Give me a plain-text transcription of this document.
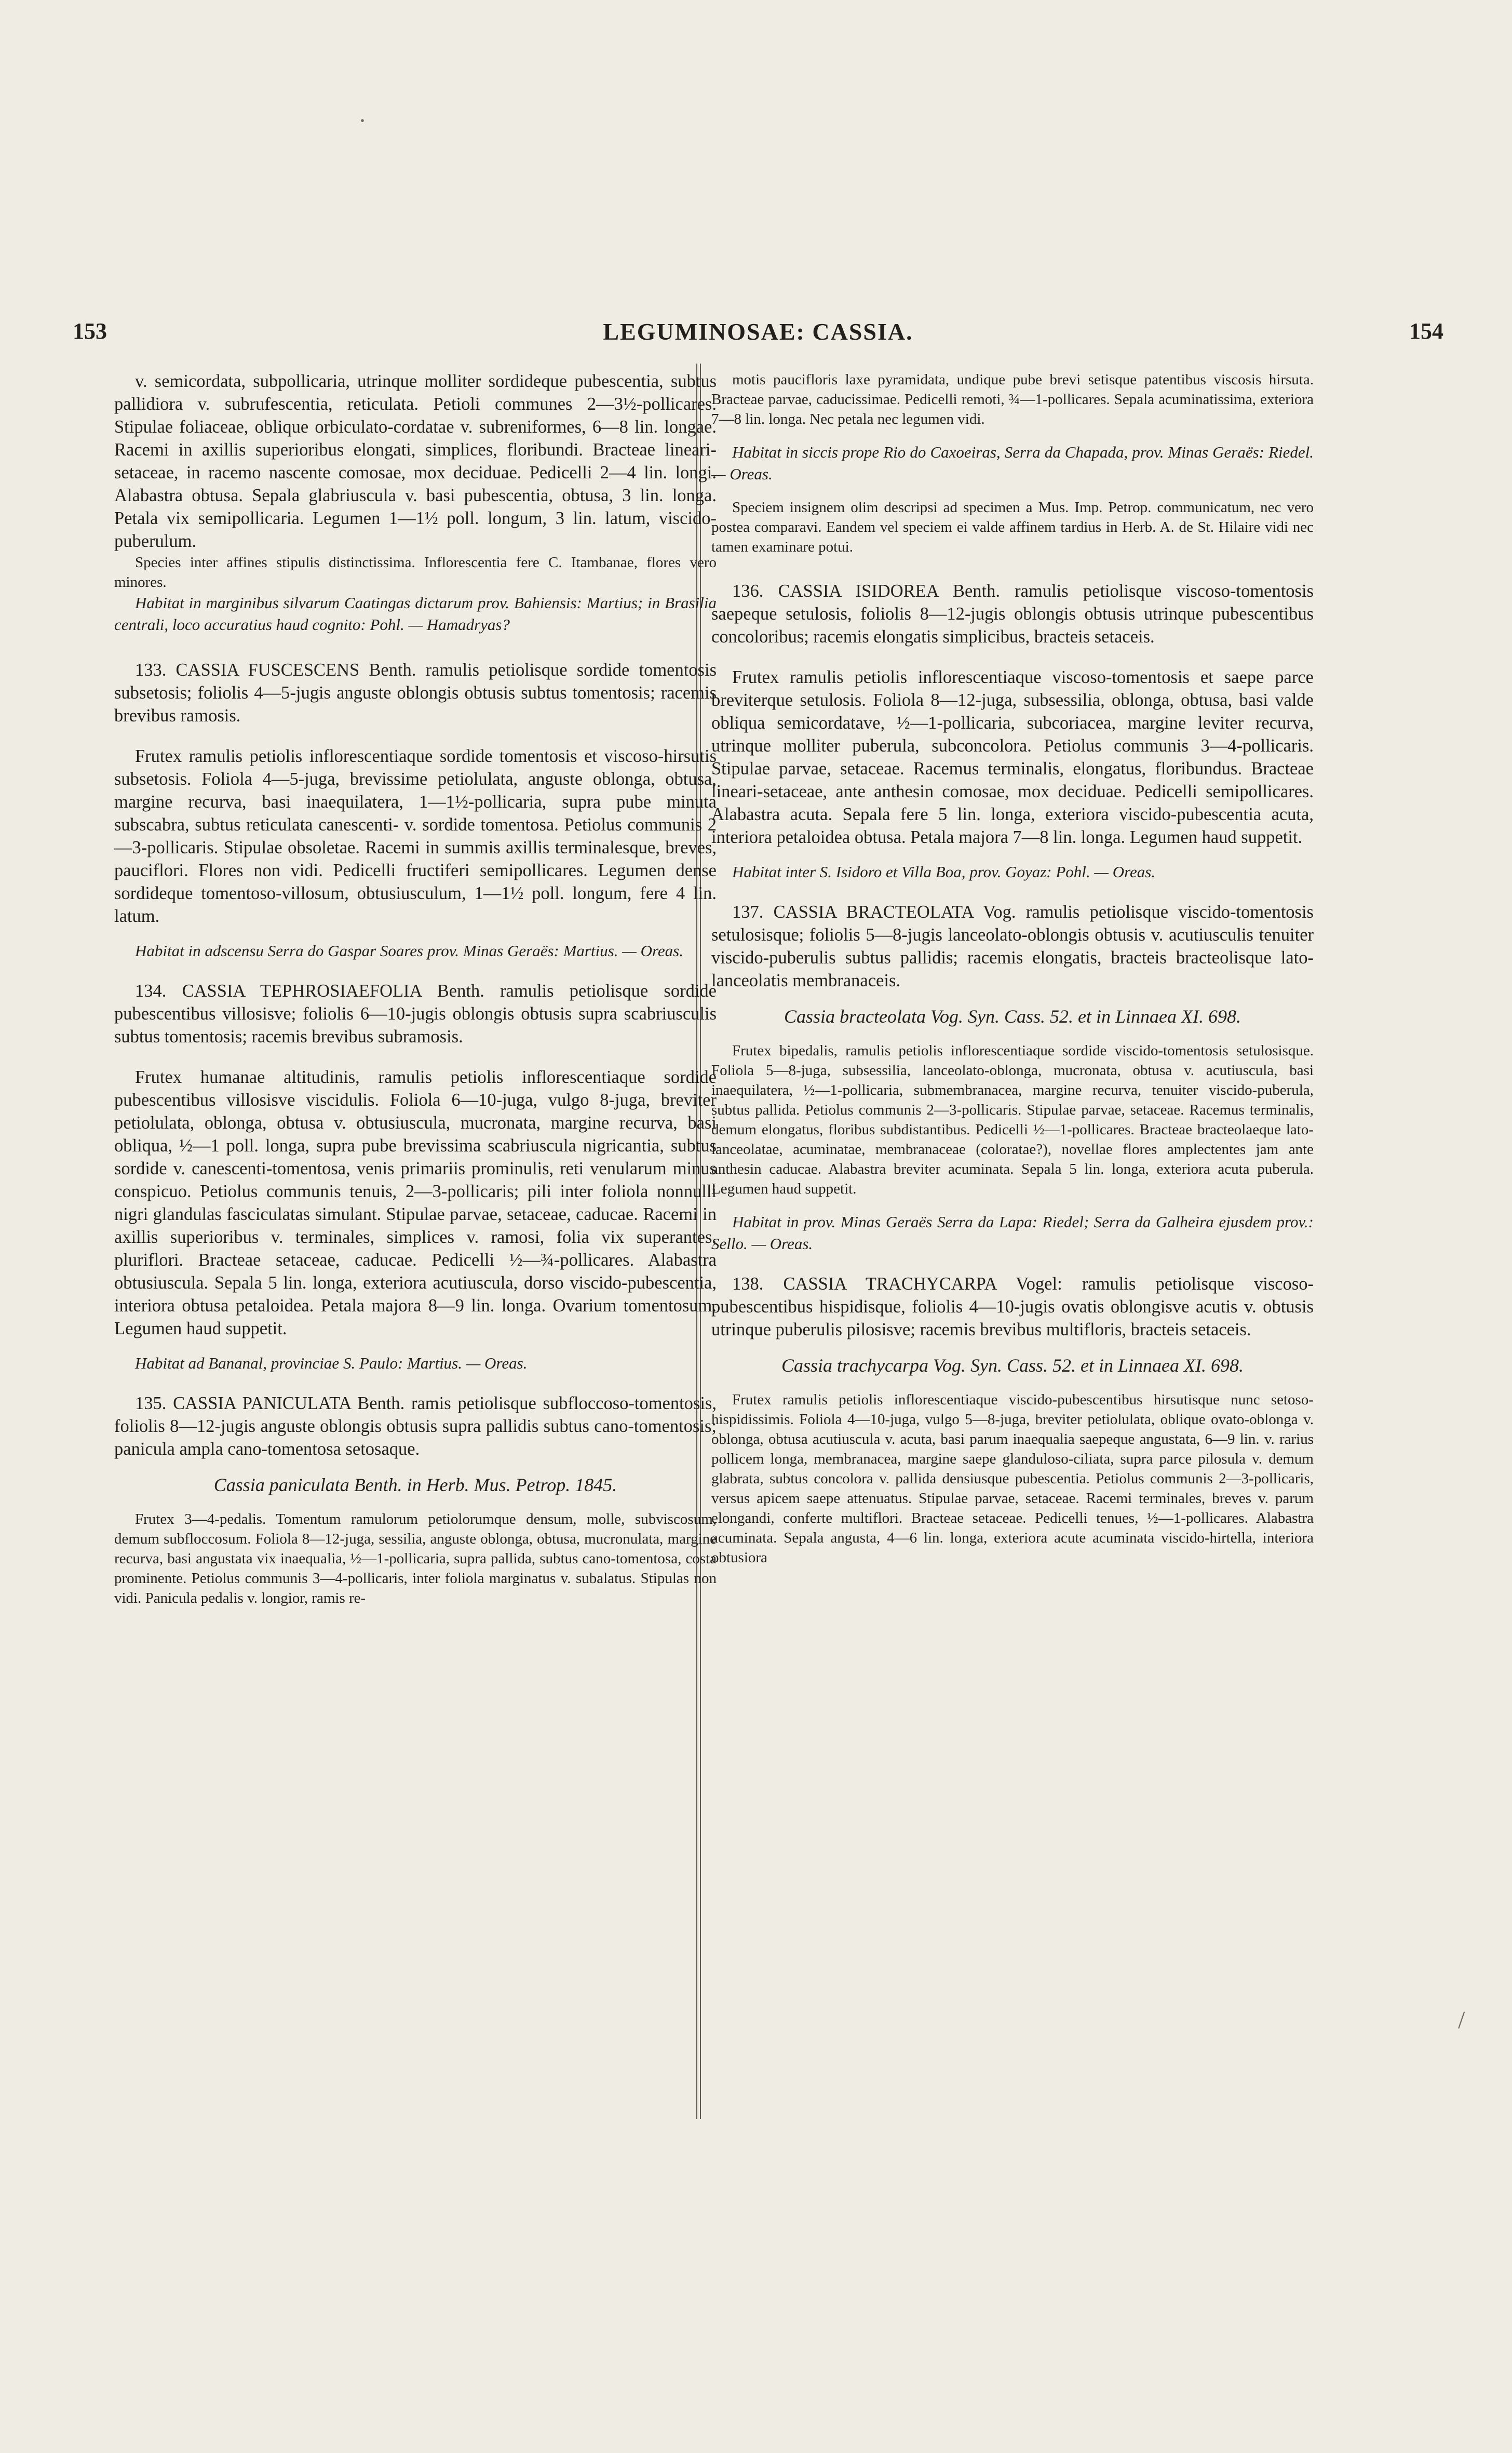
153	LEGUMINOSAE: CASSIA.	154

v. semicordata, subpollicaria, utrinque molliter sordideque pubescentia, subtus pallidiora v. subrufescentia, reticulata. Petioli communes 2—3½-pollicares. Stipulae foliaceae, oblique orbiculato-cordatae v. subreniformes, 6—8 lin. longae. Racemi in axillis superioribus elongati, simplices, floribundi. Bracteae lineari-setaceae, in racemo nascente comosae, mox deciduae. Pedicelli 2—4 lin. longi. Alabastra obtusa. Sepala glabriuscula v. basi pubescentia, obtusa, 3 lin. longa. Petala vix semipollicaria. Legumen 1—1½ poll. longum, 3 lin. latum, viscido-puberulum.

Species inter affines stipulis distinctissima. Inflorescentia fere C. Itambanae, flores vero minores.

Habitat in marginibus silvarum Caatingas dictarum prov. Bahiensis: Martius; in Brasilia centrali, loco accuratius haud cognito: Pohl. — Hamadryas?

133. CASSIA FUSCESCENS Benth. ramulis petiolisque sordide tomentosis subsetosis; foliolis 4—5-jugis anguste oblongis obtusis subtus tomentosis; racemis brevibus ramosis.

Frutex ramulis petiolis inflorescentiaque sordide tomentosis et viscoso-hirsutis subsetosis. Foliola 4—5-juga, brevissime petiolulata, anguste oblonga, obtusa, margine recurva, basi inaequilatera, 1—1½-pollicaria, supra pube minuta subscabra, subtus reticulata canescenti- v. sordide tomentosa. Petiolus communis 2—3-pollicaris. Stipulae obsoletae. Racemi in summis axillis terminalesque, breves, pauciflori. Flores non vidi. Pedicelli fructiferi semipollicares. Legumen dense sordideque tomentoso-villosum, obtusiusculum, 1—1½ poll. longum, fere 4 lin. latum.

Habitat in adscensu Serra do Gaspar Soares prov. Minas Geraës: Martius. — Oreas.

134. CASSIA TEPHROSIAEFOLIA Benth. ramulis petiolisque sordide pubescentibus villosisve; foliolis 6—10-jugis oblongis obtusis supra scabriusculis subtus tomentosis; racemis brevibus subramosis.

Frutex humanae altitudinis, ramulis petiolis inflorescentiaque sordide pubescentibus villosisve viscidulis. Foliola 6—10-juga, vulgo 8-juga, breviter petiolulata, oblonga, obtusa v. obtusiuscula, mucronata, margine recurva, basi obliqua, ½—1 poll. longa, supra pube brevissima scabriuscula nigricantia, subtus sordide v. canescenti-tomentosa, venis primariis prominulis, reti venularum minus conspicuo. Petiolus communis tenuis, 2—3-pollicaris; pili inter foliola nonnulli nigri glandulas fasciculatas simulant. Stipulae parvae, setaceae, caducae. Racemi in axillis superioribus v. terminales, simplices v. ramosi, folia vix superantes, pluriflori. Bracteae setaceae, caducae. Pedicelli ½—¾-pollicares. Alabastra obtusiuscula. Sepala 5 lin. longa, exteriora acutiuscula, dorso viscido-pubescentia, interiora obtusa petaloidea. Petala majora 8—9 lin. longa. Ovarium tomentosum. Legumen haud suppetit.

Habitat ad Bananal, provinciae S. Paulo: Martius. — Oreas.

135. CASSIA PANICULATA Benth. ramis petiolisque subfloccoso-tomentosis, foliolis 8—12-jugis anguste oblongis obtusis supra pallidis subtus cano-tomentosis; panicula ampla cano-tomentosa setosaque.

Cassia paniculata Benth. in Herb. Mus. Petrop. 1845.

Frutex 3—4-pedalis. Tomentum ramulorum petiolorumque densum, molle, subviscosum, demum subfloccosum. Foliola 8—12-juga, sessilia, anguste oblonga, obtusa, mucronulata, margine recurva, basi angustata vix inaequalia, ½—1-pollicaria, supra pallida, subtus cano-tomentosa, costa prominente. Petiolus communis 3—4-pollicaris, inter foliola marginatus v. subalatus. Stipulas non vidi. Panicula pedalis v. longior, ramis re-

motis paucifloris laxe pyramidata, undique pube brevi setisque patentibus viscosis hirsuta. Bracteae parvae, caducissimae. Pedicelli remoti, ¾—1-pollicares. Sepala acuminatissima, exteriora 7—8 lin. longa. Nec petala nec legumen vidi.

Habitat in siccis prope Rio do Caxoeiras, Serra da Chapada, prov. Minas Geraës: Riedel. — Oreas.

Speciem insignem olim descripsi ad specimen a Mus. Imp. Petrop. communicatum, nec vero postea comparavi. Eandem vel speciem ei valde affinem tardius in Herb. A. de St. Hilaire vidi nec tamen examinare potui.

136. CASSIA ISIDOREA Benth. ramulis petiolisque viscoso-tomentosis saepeque setulosis, foliolis 8—12-jugis oblongis obtusis utrinque pubescentibus concoloribus; racemis elongatis simplicibus, bracteis setaceis.

Frutex ramulis petiolis inflorescentiaque viscoso-tomentosis et saepe parce breviterque setulosis. Foliola 8—12-juga, subsessilia, oblonga, obtusa, basi valde obliqua semicordatave, ½—1-pollicaria, subcoriacea, margine leviter recurva, utrinque molliter puberula, subconcolora. Petiolus communis 3—4-pollicaris. Stipulae parvae, setaceae. Racemus terminalis, elongatus, floribundus. Bracteae lineari-setaceae, ante anthesin comosae, mox deciduae. Pedicelli semipollicares. Alabastra acuta. Sepala fere 5 lin. longa, exteriora viscido-pubescentia acuta, interiora petaloidea obtusa. Petala majora 7—8 lin. longa. Legumen haud suppetit.

Habitat inter S. Isidoro et Villa Boa, prov. Goyaz: Pohl. — Oreas.

137. CASSIA BRACTEOLATA Vog. ramulis petiolisque viscido-tomentosis setulosisque; foliolis 5—8-jugis lanceolato-oblongis obtusis v. acutiusculis tenuiter viscido-puberulis subtus pallidis; racemis elongatis, bracteis bracteolisque lato-lanceolatis membranaceis.

Cassia bracteolata Vog. Syn. Cass. 52. et in Linnaea XI. 698.

Frutex bipedalis, ramulis petiolis inflorescentiaque sordide viscido-tomentosis setulosisque. Foliola 5—8-juga, subsessilia, lanceolato-oblonga, mucronata, obtusa v. acutiuscula, basi inaequilatera, ½—1-pollicaria, submembranacea, margine recurva, tenuiter viscido-puberula, subtus pallida. Petiolus communis 2—3-pollicaris. Stipulae parvae, setaceae. Racemus terminalis, demum elongatus, floribus subdistantibus. Pedicelli ½—1-pollicares. Bracteae bracteolaeque lato-lanceolatae, acuminatae, membranaceae (coloratae?), novellae flores amplectentes jam ante anthesin caducae. Alabastra breviter acuminata. Sepala 5 lin. longa, exteriora acuta puberula. Legumen haud suppetit.

Habitat in prov. Minas Geraës Serra da Lapa: Riedel; Serra da Galheira ejusdem prov.: Sello. — Oreas.

138. CASSIA TRACHYCARPA Vogel: ramulis petiolisque viscoso-pubescentibus hispidisque, foliolis 4—10-jugis ovatis oblongisve acutis v. obtusis utrinque puberulis pilosisve; racemis brevibus multifloris, bracteis setaceis.

Cassia trachycarpa Vog. Syn. Cass. 52. et in Linnaea XI. 698.

Frutex ramulis petiolis inflorescentiaque viscido-pubescentibus hirsutisque nunc setoso-hispidissimis. Foliola 4—10-juga, vulgo 5—8-juga, breviter petiolulata, oblique ovato-oblonga v. oblonga, obtusa acutiuscula v. acuta, basi parum inaequalia saepeque angustata, 6—9 lin. v. rarius pollicem longa, membranacea, margine saepe glanduloso-ciliata, supra parce pilosula v. demum glabrata, subtus concolora v. pallida densiusque pubescentia. Petiolus communis 2—3-pollicaris, versus apicem saepe attenuatus. Stipulae parvae, setaceae. Racemi terminales, breves v. parum elongandi, conferte multiflori. Bracteae setaceae. Pedicelli tenues, ½—1-pollicares. Alabastra acuminata. Sepala angusta, 4—6 lin. longa, exteriora acute acuminata viscido-hirtella, interiora obtusiora

·
/
